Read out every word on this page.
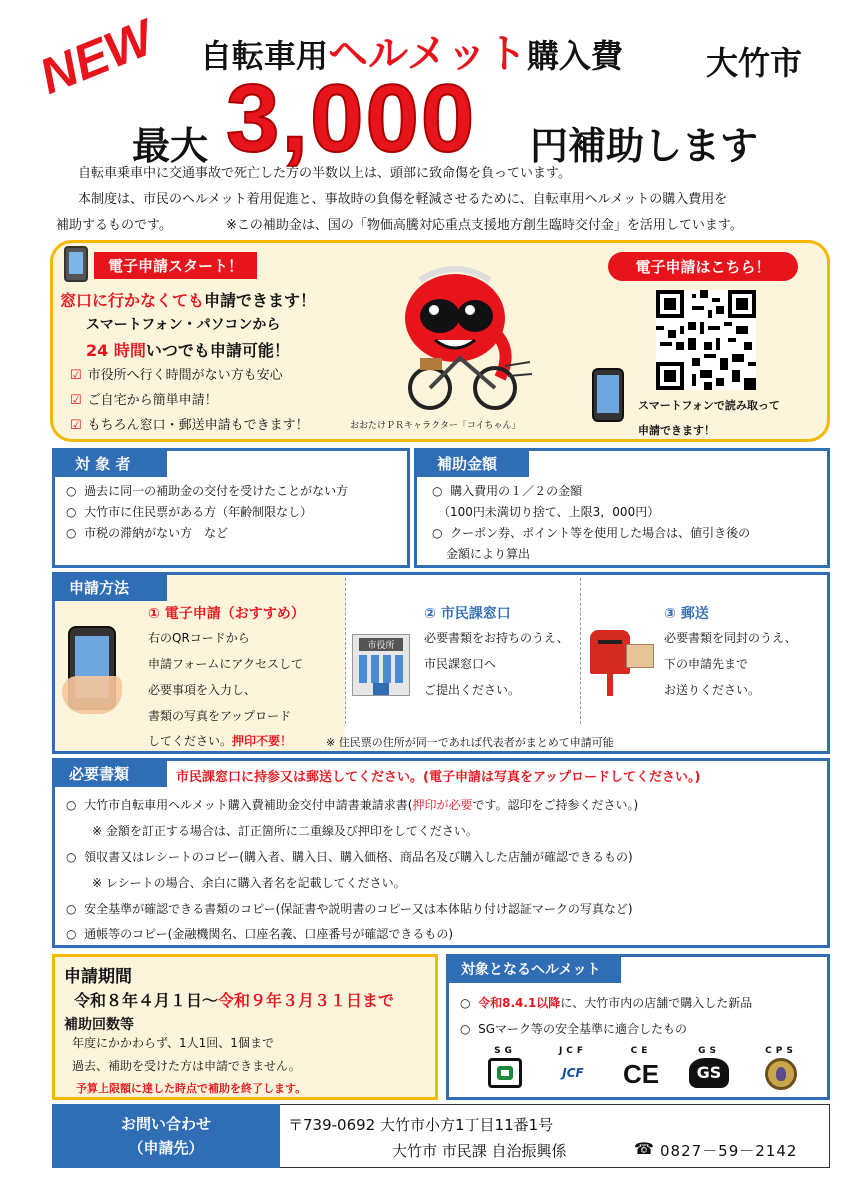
NEW 自転車用ヘルメット購入費	大竹市
最大 3,000 円補助します
自転車乗車中に交通事故で死亡した方の半数以上は、頭部に致命傷を負っています。
本制度は、市民のヘルメット着用促進と、事故時の負傷を軽減させるために、自転車用ヘルメットの購入費用を
補助するものです。	※この補助金は、国の「物価高騰対応重点支援地方創生臨時交付金」を活用しています。
電子申請スタート！
窓口に行かなくても申請できます！
スマートフォン・パソコンから
24 時間いつでも申請可能！
☑ 市役所へ行く時間がない方も安心
☑ ご自宅から簡単申請！
☑ もちろん窓口・郵送申請もできます！	おおたけＰＲキャラクター「コイちゃん」
電子申請はこちら！
スマートフォンで読み取って
申請できます！
対 象 者
○ 過去に同一の補助金の交付を受けたことがない方
○ 大竹市に住民票がある方（年齢制限なし）
○ 市税の滞納がない方　など
補助金額
○ 購入費用の１／２の金額
（100円未満切り捨て、上限3，000円）
○ クーポン券、ポイント等を使用した場合は、値引き後の
金額により算出
申請方法
① 電子申請（おすすめ）
右のQRコードから
申請フォームにアクセスして
必要事項を入力し、
書類の写真をアップロード
してください。押印不要！	※ 住民票の住所が同一であれば代表者がまとめて申請可能
② 市民課窓口
市役所
必要書類をお持ちのうえ、
市民課窓口へ
ご提出ください。
③ 郵送
必要書類を同封のうえ、
下の申請先まで
お送りください。
必要書類	市民課窓口に持参又は郵送してください。(電子申請は写真をアップロードしてください。)
○ 大竹市自転車用ヘルメット購入費補助金交付申請書兼請求書(押印が必要です。認印をご持参ください。)
※ 金額を訂正する場合は、訂正箇所に二重線及び押印をしてください。
○ 領収書又はレシートのコピー(購入者、購入日、購入価格、商品名及び購入した店舗が確認できるもの)
※ レシートの場合、余白に購入者名を記載してください。
○ 安全基準が確認できる書類のコピー(保証書や説明書のコピー又は本体貼り付け認証マークの写真など)
○ 通帳等のコピー(金融機関名、口座名義、口座番号が確認できるもの)
申請期間
令和８年４月１日～令和９年３月３１日まで
補助回数等
年度にかかわらず、1人1回、1個まで
過去、補助を受けた方は申請できません。
予算上限額に達した時点で補助を終了します。
対象となるヘルメット
○ 令和8.4.1以降に、大竹市内の店舗で購入した新品
○ SGマーク等の安全基準に適合したもの
SG	JCF
JCF
CE
CE
GS
GS
CPS
お問い合わせ
（申請先）
〒739-0692 大竹市小方1丁目11番1号
大竹市 市民課 自治振興係	☎ 0827－59－2142
